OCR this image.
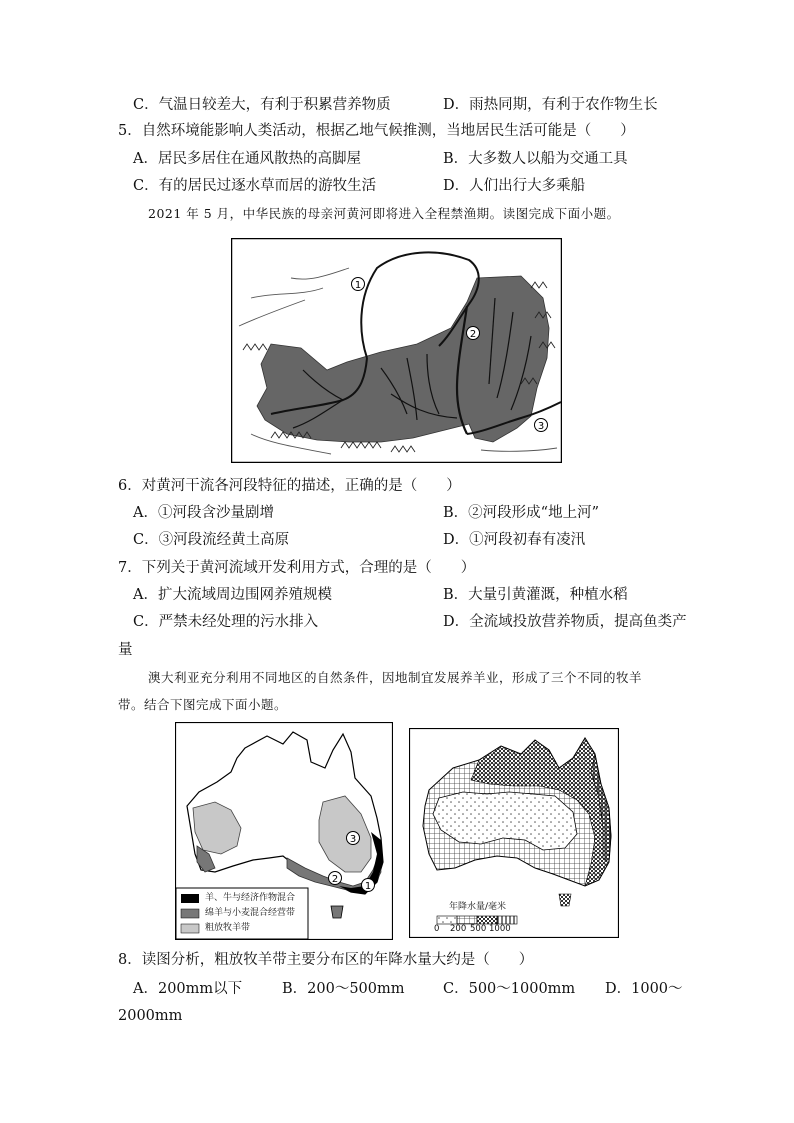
C．气温日较差大，有利于积累营养物质	D．雨热同期，有利于农作物生长
5．自然环境能影响人类活动，根据乙地气候推测，当地居民生活可能是（　　）
A．居民多居住在通风散热的高脚屋	B．大多数人以船为交通工具
C．有的居民过逐水草而居的游牧生活	D．人们出行大多乘船
2021 年 5 月，中华民族的母亲河黄河即将进入全程禁渔期。读图完成下面小题。
1
2
3
6．对黄河干流各河段特征的描述，正确的是（　　）
A．①河段含沙量剧增	B．②河段形成“地上河”
C．③河段流经黄土高原	D．①河段初春有凌汛
7．下列关于黄河流域开发利用方式，合理的是（　　）
A．扩大流域周边围网养殖规模	B．大量引黄灌溉，种植水稻
C．严禁未经处理的污水排入	D．全流域投放营养物质，提高鱼类产
量
澳大利亚充分利用不同地区的自然条件，因地制宜发展养羊业，形成了三个不同的牧羊
带。结合下图完成下面小题。
3
2
1
羊、牛与经济作物混合
绵羊与小麦混合经营带
粗放牧羊带
年降水量/毫米
0 200 500 1000
8．读图分析，粗放牧羊带主要分布区的年降水量大约是（　　）
A．200mm以下	B．200～500mm	C．500～1000mm D．1000～
2000mm
